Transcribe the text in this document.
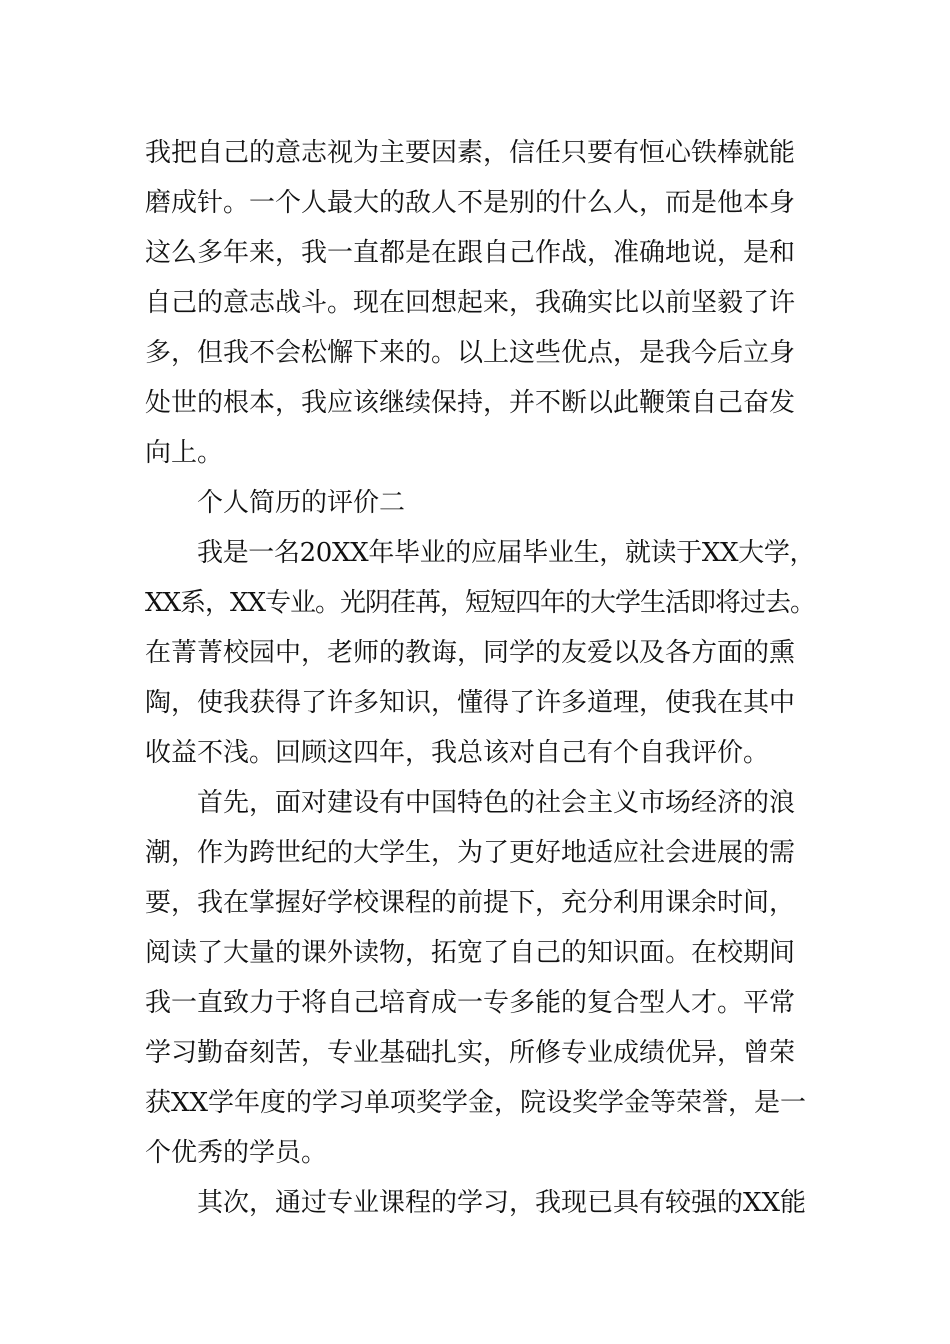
我把自己的意志视为主要因素，信任只要有恒心铁棒就能
磨成针。一个人最大的敌人不是别的什么人，而是他本身
这么多年来，我一直都是在跟自己作战，准确地说，是和
自己的意志战斗。现在回想起来，我确实比以前坚毅了许
多，但我不会松懈下来的。以上这些优点，是我今后立身
处世的根本，我应该继续保持，并不断以此鞭策自己奋发
向上。
个人简历的评价二
我是一名20XX年毕业的应届毕业生，就读于XX大学，
XX系，XX专业。光阴荏苒，短短四年的大学生活即将过去。
在菁菁校园中，老师的教诲，同学的友爱以及各方面的熏
陶，使我获得了许多知识，懂得了许多道理，使我在其中
收益不浅。回顾这四年，我总该对自己有个自我评价。
首先，面对建设有中国特色的社会主义市场经济的浪
潮，作为跨世纪的大学生，为了更好地适应社会进展的需
要，我在掌握好学校课程的前提下，充分利用课余时间，
阅读了大量的课外读物，拓宽了自己的知识面。在校期间
我一直致力于将自己培育成一专多能的复合型人才。平常
学习勤奋刻苦，专业基础扎实，所修专业成绩优异，曾荣
获XX学年度的学习单项奖学金，院设奖学金等荣誉，是一
个优秀的学员。
其次，通过专业课程的学习，我现已具有较强的XX能
